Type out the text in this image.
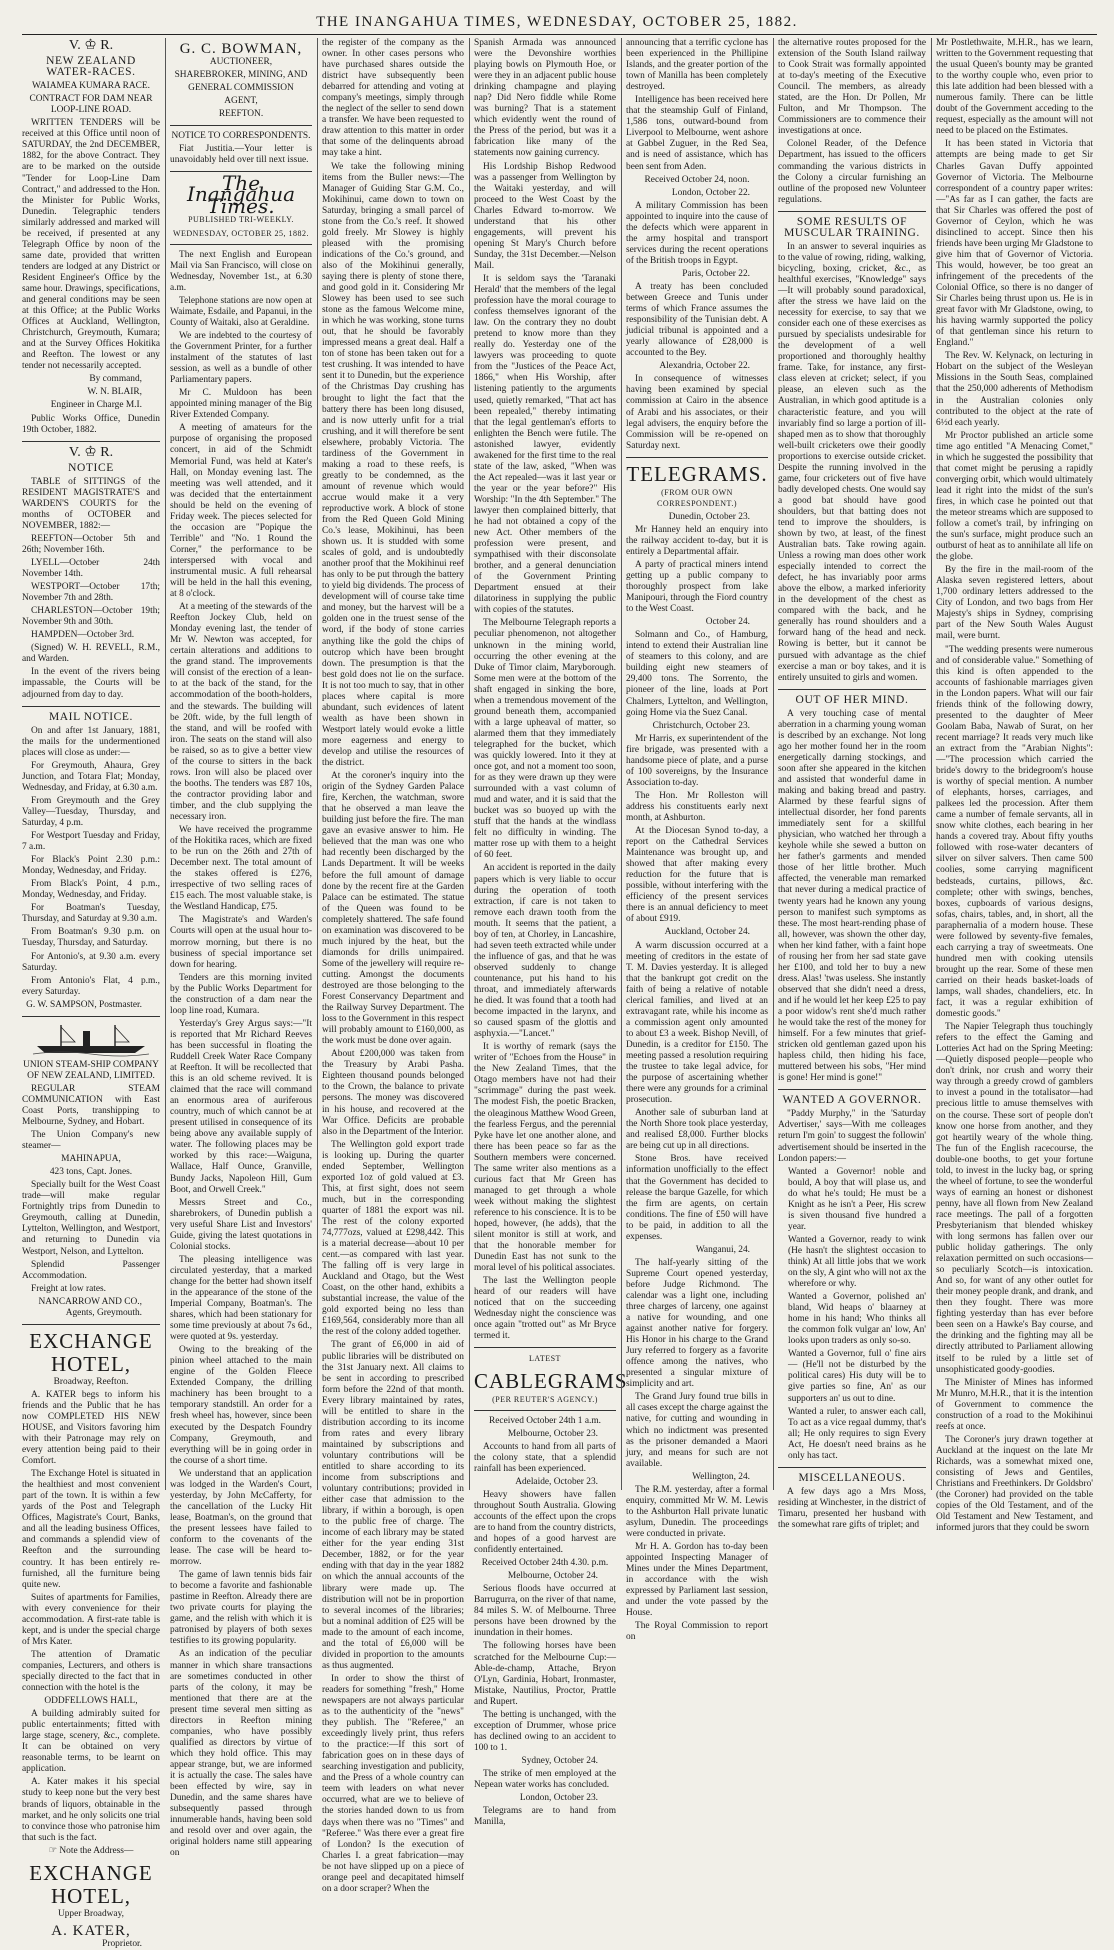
THE INANGAHUA TIMES, WEDNESDAY, OCTOBER 25, 1882.
V. ♔ R.
NEW ZEALAND WATER-RACES.

WAIAMEA KUMARA RACE.

CONTRACT FOR DAM NEAR LOOP-LINE ROAD.

WRITTEN TENDERS will be received at this Office until noon of SATURDAY, the 2nd DECEMBER, 1882, for the above Contract. They are to be marked on the outside "Tender for Loop-Line Dam Contract," and addressed to the Hon. the Minister for Public Works, Dunedin. Telegraphic tenders similarly addressed and marked will be received, if presented at any Telegraph Office by noon of the same date, provided that written tenders are lodged at any District or Resident Engineer's Office by the same hour. Drawings, specifications, and general conditions may be seen at this Office; at the Public Works Offices at Auckland, Wellington, Christchurch, Greymouth, Kumara; and at the Survey Offices Hokitika and Reefton. The lowest or any tender not necessarily accepted.

By command,

W. N. BLAIR,

Engineer in Charge M.I.

Public Works Office, Dunedin 19th October, 1882.

V. ♔ R.
NOTICE

TABLE of SITTINGS of the RESIDENT MAGISTRATE'S and WARDEN'S COURTS for the months of OCTOBER and NOVEMBER, 1882:—

REEFTON—October 5th and 26th; November 16th.

LYELL—October 24th November 14th.

WESTPORT—October 17th; November 7th and 28th.

CHARLESTON—October 19th; November 9th and 30th.

HAMPDEN—October 3rd.

(Signed) W. H. REVELL, R.M., and Warden.

In the event of the rivers being impassable, the Courts will be adjourned from day to day.

MAIL NOTICE.

On and after 1st January, 1881, the mails for the undermentioned places will close as under:—

For Greymouth, Ahaura, Grey Junction, and Totara Flat; Monday, Wednesday, and Friday, at 6.30 a.m.

From Greymouth and the Grey Valley—Tuesday, Thursday, and Saturday, 4 p.m.

For Westport Tuesday and Friday, 7 a.m.

For Black's Point 2.30 p.m.: Monday, Wednesday, and Friday.

From Black's Point, 4 p.m., Monday, Wednesday, and Friday.

For Boatman's Tuesday, Thursday, and Saturday at 9.30 a.m.

From Boatman's 9.30 p.m. on Tuesday, Thursday, and Saturday.

For Antonio's, at 9.30 a.m. every Saturday.

From Antonio's Flat, 4 p.m., every Saturday.

G. W. SAMPSON, Postmaster.

UNION STEAM-SHIP COMPANY OF NEW ZEALAND, LIMITED.

REGULAR STEAM COMMUNICATION with East Coast Ports, transhipping to Melbourne, Sydney, and Hobart.

The Union Company's new steamer—

MAHINAPUA,

423 tons, Capt. Jones.

Specially built for the West Coast trade—will make regular Fortnightly trips from Dunedin to Greymouth, calling at Dunedin, Lyttelton, Wellington, and Westport, and returning to Dunedin via Westport, Nelson, and Lyttelton.

Splendid Passenger Accommodation.

Freight at low rates.

NANCARROW AND CO., Agents, Greymouth.

EXCHANGE HOTEL,

Broadway, Reefton.

A. KATER begs to inform his friends and the Public that he has now COMPLETED HIS NEW HOUSE, and Visitors favoring him with their Patronage may rely on every attention being paid to their Comfort.

The Exchange Hotel is situated in the healthiest and most convenient part of the town. It is within a few yards of the Post and Telegraph Offices, Magistrate's Court, Banks, and all the leading business Offices, and commands a splendid view of Reefton and the surrounding country. It has been entirely re-furnished, all the furniture being quite new.

Suites of apartments for Families, with every convenience for their accommodation. A first-rate table is kept, and is under the special charge of Mrs Kater.

The attention of Dramatic companies, Lecturers, and others is specially directed to the fact that in connection with the hotel is the

ODDFELLOWS HALL,

A building admirably suited for public entertainments; fitted with large stage, scenery, &c., complete. It can be obtained on very reasonable terms, to be learnt on application.

A. Kater makes it his special study to keep none but the very best brands of liquors, obtainable in the market, and he only solicits one trial to convince those who patronise him that such is the fact.

☞ Note the Address—

EXCHANGE HOTEL,

Upper Broadway,

A. KATER,

Proprietor.

G. C. BOWMAN,

AUCTIONEER,

SHAREBROKER, MINING, AND

GENERAL COMMISSION

AGENT,

REEFTON.

NOTICE TO CORRESPONDENTS.

Fiat Justitia.—Your letter is unavoidably held over till next issue.

The Inangahua Times.
PUBLISHED TRI-WEEKLY.
WEDNESDAY, OCTOBER 25, 1882.

The next English and European Mail via San Francisco, will close on Wednesday, November 1st., at 6.30 a.m.

Telephone stations are now open at Waimate, Esdaile, and Papanui, in the County of Waitaki, also at Geraldine.

We are indebted to the courtesy of the Government Printer, for a further instalment of the statutes of last session, as well as a bundle of other Parliamentary papers.

Mr C. Muldoon has been appointed mining manager of the Big River Extended Company.

A meeting of amateurs for the purpose of organising the proposed concert, in aid of the Schmidt Memorial Fund, was held at Kater's Hall, on Monday evening last. The meeting was well attended, and it was decided that the entertainment should be held on the evening of Friday week. The pieces selected for the occasion are "Popique the Terrible" and "No. 1 Round the Corner," the performance to be interspersed with vocal and instrumental music. A full rehearsal will be held in the hall this evening, at 8 o'clock.

At a meeting of the stewards of the Reefton Jockey Club, held on Monday evening last, the tender of Mr W. Newton was accepted, for certain alterations and additions to the grand stand. The improvements will consist of the erection of a lean-to at the back of the stand, for the accommodation of the booth-holders, and the stewards. The building will be 20ft. wide, by the full length of the stand, and will be roofed with iron. The seats on the stand will also be raised, so as to give a better view of the course to sitters in the back rows. Iron will also be placed over the booths. The tenders was £87 10s, the contractor providing labor and timber, and the club supplying the necessary iron.

We have received the programme of the Hokitika races, which are fixed to be run on the 26th and 27th of December next. The total amount of the stakes offered is £276, irrespective of two selling races of £15 each. The most valuable stake, is the Westland Handicap, £75.

The Magistrate's and Warden's Courts will open at the usual hour to-morrow morning, but there is no business of special importance set down for hearing.

Tenders are this morning invited by the Public Works Department for the construction of a dam near the loop line road, Kumara.

Yesterday's Grey Argus says:—"It is reported that Mr Richard Reeves has been successful in floating the Ruddell Creek Water Race Company at Reefton. It will be recollected that this is an old scheme revived. It is claimed that the race will command an enormous area of auriferous country, much of which cannot be at present utilised in consequence of its being above any available supply of water. The following places may be worked by this race:—Waiguna, Wallace, Half Ounce, Granville, Bundy Jacks, Napoleon Hill, Gum Boot, and Orwell Creek."

Messrs Street and Co., sharebrokers, of Dunedin publish a very useful Share List and Investors' Guide, giving the latest quotations in Colonial stocks.

The pleasing intelligence was circulated yesterday, that a marked change for the better had shown itself in the appearance of the stone of the Imperial Company, Boatman's. The shares, which had been stationary for some time previously at about 7s 6d., were quoted at 9s. yesterday.

Owing to the breaking of the pinion wheel attached to the main engine of the Golden Fleece Extended Company, the drilling machinery has been brought to a temporary standstill. An order for a fresh wheel has, however, since been executed by the Despatch Foundry Company, Greymouth, and everything will be in going order in the course of a short time.

We understand that an application was lodged in the Warden's Court, yesterday, by John McCafferty, for the cancellation of the Lucky Hit lease, Boatman's, on the ground that the present lessees have failed to conform to the covenants of the lease. The case will be heard to-morrow.

The game of lawn tennis bids fair to become a favorite and fashionable pastime in Reefton. Already there are two private courts for playing the game, and the relish with which it is patronised by players of both sexes testifies to its growing popularity.

As an indication of the peculiar manner in which share transactions are sometimes conducted in other parts of the colony, it may be mentioned that there are at the present time several men sitting as directors in Reefton mining companies, who have possibly qualified as directors by virtue of which they hold office. This may appear strange, but, we are informed it is actually the case. The sales have been effected by wire, say in Dunedin, and the same shares have subsequently passed through innumerable hands, having been sold and resold over and over again, the original holders name still appearing on

the register of the company as the owner. In other cases persons who have purchased shares outside the district have subsequently been debarred for attending and voting at company's meetings, simply through the neglect of the seller to send down a transfer. We have been requested to draw attention to this matter in order that some of the delinquents abroad may take a hint.

We take the following mining items from the Buller news:—The Manager of Guiding Star G.M. Co., Mokihinui, came down to town on Saturday, bringing a small parcel of stone from the Co.'s reef. It showed gold freely. Mr Slowey is highly pleased with the promising indications of the Co.'s ground, and also of the Mokihinui generally, saying there is plenty of stone there, and good gold in it. Considering Mr Slowey has been used to see such stone as the famous Welcome mine, in which he was working, stone turns out, that he should be favorably impressed means a great deal. Half a ton of stone has been taken out for a test crushing. It was intended to have sent it to Dunedin, but the experience of the Christmas Day crushing has brought to light the fact that the battery there has been long disused, and is now utterly unfit for a trial crushing, and it will therefore be sent elsewhere, probably Victoria. The tardiness of the Government in making a road to these reefs, is greatly to be condemned, as the amount of revenue which would accrue would make it a very reproductive work. A block of stone from the Red Queen Gold Mining Co.'s lease, Mokihinui, has been shown us. It is studded with some scales of gold, and is undoubtedly another proof that the Mokihinui reef has only to be put through the battery to yield big dividends. The process of development will of course take time and money, but the harvest will be a golden one in the truest sense of the word, if the body of stone carries anything like the gold the chips of outcrop which have been brought down. The presumption is that the best gold does not lie on the surface. It is not too much to say, that in other places where capital is more abundant, such evidences of latent wealth as have been shown in Westport lately would evoke a little more eagerness and energy to develop and utilise the resources of the district.

At the coroner's inquiry into the origin of the Sydney Garden Palace fire, Kerchen, the watchman, swore that he observed a man leave the building just before the fire. The man gave an evasive answer to him. He believed that the man was one who had recently been discharged by the Lands Department. It will be weeks before the full amount of damage done by the recent fire at the Garden Palace can be estimated. The statue of the Queen was found to be completely shattered. The safe found on examination was discovered to be much injured by the heat, but the diamonds for drills unimpaired. Some of the jewellery will require re-cutting. Amongst the documents destroyed are those belonging to the Forest Conservancy Department and the Railway Survey Department. The loss to the Government in this respect will probably amount to £160,000, as the work must be done over again.

About £200,000 was taken from the Treasury by Arabi Pasha. Eighteen thousand pounds belonged to the Crown, the balance to private persons. The money was discovered in his house, and recovered at the War Office. Deficits are probable also in the Department of the Interior.

The Wellington gold export trade is looking up. During the quarter ended September, Wellington exported 1oz of gold valued at £3. This, at first sight, does not seem much, but in the corresponding quarter of 1881 the export was nil. The rest of the colony exported 74,777ozs, valued at £298,442. This is a material decrease—about 10 per cent.—as compared with last year. The falling off is very large in Auckland and Otago, but the West Coast, on the other hand, exhibits a substantial increase, the value of the gold exported being no less than £169,564, considerably more than all the rest of the colony added together.

The grant of £6,000 in aid of public libraries will be distributed on the 31st January next. All claims to be sent in according to prescribed form before the 22nd of that month. Every library maintained by rates, will be entitled to share in the distribution according to its income from rates and every library maintained by subscriptions and voluntary contributions will be entitled to share according to its income from subscriptions and voluntary contributions; provided in either case that admission to the library, if within a borough, is open to the public free of charge. The income of each library may be stated either for the year ending 31st December, 1882, or for the year ending with that day in the year 1882 on which the annual accounts of the library were made up. The distribution will not be in proportion to several incomes of the libraries; but a nominal addition of £25 will be made to the amount of each income, and the total of £6,000 will be divided in proportion to the amounts as thus augmented.

In order to show the thirst of readers for something "fresh," Home newspapers are not always particular as to the authenticity of the "news" they publish. The "Referee," an exceedingly lively print, thus refers to the practice:—If this sort of fabrication goes on in these days of searching investigation and publicity, and the Press of a whole country can teem with leaders on what never occurred, what are we to believe of the stories handed down to us from days when there was no "Times" and "Referee." Was there ever a great fire of London? Is the execution of Charles I. a great fabrication—may be not have slipped up on a piece of orange peel and decapitated himself on a door scraper? When the

Spanish Armada was announced were the Devonshire worthies playing bowls on Plymouth Hoe, or were they in an adjacent public house drinking champagne and playing nap? Did Nero fiddle while Rome was burning? That is a statement which evidently went the round of the Press of the period, but was it a fabrication like many of the statements now gaining currency.

His Lordship Bishop Redwood was a passenger from Wellington by the Waitaki yesterday, and will proceed to the West Coast by the Charles Edward to-morrow. We understand that his other engagements, will prevent his opening St Mary's Church before Sunday, the 31st December.—Nelson Mail.

It is seldom says the 'Taranaki Herald' that the members of the legal profession have the moral courage to confess themselves ignorant of the law. On the contrary they no doubt pretend to know more than they really do. Yesterday one of the lawyers was proceeding to quote from the "Justices of the Peace Act, 1866," when His Worship, after listening patiently to the arguments used, quietly remarked, "That act has been repealed," thereby intimating that the legal gentleman's efforts to enlighten the Bench were futile. The astonished lawyer, evidently awakened for the first time to the real state of the law, asked, "When was the Act repealed—was it last year or the year or the year before?" His Worship: "In the 4th September." The lawyer then complained bitterly, that he had not obtained a copy of the new Act. Other members of the profession were present, and sympathised with their disconsolate brother, and a general denunciation of the Government Printing Department ensued at their dilatoriness in supplying the public with copies of the statutes.

The Melbourne Telegraph reports a peculiar phenomenon, not altogether unknown in the mining world, occurring the other evening at the Duke of Timor claim, Maryborough. Some men were at the bottom of the shaft engaged in sinking the bore, when a tremendous movement of the ground beneath them, accompanied with a large upheaval of matter, so alarmed them that they immediately telegraphed for the bucket, which was quickly lowered. Into it they at once got, and not a moment too soon, for as they were drawn up they were surrounded with a vast column of mud and water, and it is said that the bucket was so buoyed up with the stuff that the hands at the windlass felt no difficulty in winding. The matter rose up with them to a height of 60 feet.

An accident is reported in the daily papers which is very liable to occur during the operation of tooth extraction, if care is not taken to remove each drawn tooth from the mouth. It seems that the patient, a boy of ten, at Chorley, in Lancashire, had seven teeth extracted while under the influence of gas, and that he was observed suddenly to change countenance, put his hand to his throat, and immediately afterwards he died. It was found that a tooth had become impacted in the larynx, and so caused spasm of the glottis and asphyxia.—"Lancet."

It is worthy of remark (says the writer of "Echoes from the House" in the New Zealand Times, that the Otago members have not had their "scrimmage" during the past week. The modest Fish, the poetic Bracken, the oleaginous Matthew Wood Green, the fearless Fergus, and the perennial Pyke have let one another alone, and there has been peace so far as the Southern members were concerned. The same writer also mentions as a curious fact that Mr Green has managed to get through a whole week without making the slightest reference to his conscience. It is to be hoped, however, (he adds), that the silent monitor is still at work, and that the honorable member for Dunedin East has not sunk to the moral level of his political associates.

The last the Wellington people heard of our readers will have noticed that on the succeeding Wednesday night the conscience was once again "trotted out" as Mr Bryce termed it.

LATEST
CABLEGRAMS
(PER REUTER'S AGENCY.)

Received October 24th 1 a.m.

Melbourne, October 23.

Accounts to hand from all parts of the colony state, that a splendid rainfall has been experienced.

Adelaide, October 23.

Heavy showers have fallen throughout South Australia. Glowing accounts of the effect upon the crops are to hand from the country districts, and hopes of a good harvest are confidently entertained.

Received October 24th 4.30. p.m.

Melbourne, October 24.

Serious floods have occurred at Barrugurra, on the river of that name, 84 miles S. W. of Melbourne. Three persons have been drowned by the inundation in their homes.

The following horses have been scratched for the Melbourne Cup:—Able-de-champ, Attache, Bryon O'Lyn, Gardinia, Hobart, Ironmaster, Mistake, Nautilius, Proctor, Prattle and Rupert.

The betting is unchanged, with the exception of Drummer, whose price has declined owing to an accident to 100 to 1.

Sydney, October 24.

The strike of men employed at the Nepean water works has concluded.

London, October 23.

Telegrams are to hand from Manilla,

announcing that a terrific cyclone has been experienced in the Phillipine Islands, and the greater portion of the town of Manilla has been completely destroyed.

Intelligence has been received here that the steamship Gulf of Finland, 1,586 tons, outward-bound from Liverpool to Melbourne, went ashore at Gabbel Zuguer, in the Red Sea, and is need of assistance, which has been sent from Aden.

Received October 24, noon.

London, October 22.

A military Commission has been appointed to inquire into the cause of the defects which were apparent in the army hospital and transport services during the recent operations of the British troops in Egypt.

Paris, October 22.

A treaty has been concluded between Greece and Tunis under terms of which France assumes the responsibility of the Tunisian debt. A judicial tribunal is appointed and a yearly allowance of £28,000 is accounted to the Bey.

Alexandria, October 22.

In consequence of witnesses having been examined by special commission at Cairo in the absence of Arabi and his associates, or their legal advisers, the enquiry before the Commission will be re-opened on Saturday next.

TELEGRAMS.
(FROM OUR OWN CORRESPONDENT.)

Dunedin, October 23.

Mr Hanney held an enquiry into the railway accident to-day, but it is entirely a Departmental affair.

A party of practical miners intend getting up a public company to thoroughly prospect from lake Manipouri, through the Fiord country to the West Coast.

October 24.

Solmann and Co., of Hamburg, intend to extend their Australian line of steamers to this colony, and are building eight new steamers of 29,400 tons. The Sorrento, the pioneer of the line, loads at Port Chalmers, Lyttelton, and Wellington, going Home via the Suez Canal.

Christchurch, October 23.

Mr Harris, ex superintendent of the fire brigade, was presented with a handsome piece of plate, and a purse of 100 sovereigns, by the Insurance Association to-day.

The Hon. Mr Rolleston will address his constituents early next month, at Ashburton.

At the Diocesan Synod to-day, a report on the Cathedral Services Maintenance was brought up, and showed that after making every reduction for the future that is possible, without interfering with the efficiency of the present services there is an annual deficiency to meet of about £919.

Auckland, October 24.

A warm discussion occurred at a meeting of creditors in the estate of T. M. Davies yesterday. It is alleged that the bankrupt got credit on the faith of being a relative of notable clerical families, and lived at an extravagant rate, while his income as a commission agent only amounted to about £3 a week. Bishop Nevill, of Dunedin, is a creditor for £150. The meeting passed a resolution requiring the trustee to take legal advice, for the purpose of ascertaining whether there were any grounds for a criminal prosecution.

Another sale of suburban land at the North Shore took place yesterday, and realised £8,000. Further blocks are being cut up in all directions.

Stone Bros. have received information unofficially to the effect that the Government has decided to release the barque Gazelle, for which the firm are agents, on certain conditions. The fine of £50 will have to be paid, in addition to all the expenses.

Wanganui, 24.

The half-yearly sitting of the Supreme Court opened yesterday, before Judge Richmond. The calendar was a light one, including three charges of larceny, one against a native for wounding, and one against another native for forgery. His Honor in his charge to the Grand Jury referred to forgery as a favorite offence among the natives, who presented a singular mixture of simplicity and art.

The Grand Jury found true bills in all cases except the charge against the native, for cutting and wounding in which no indictment was presented as the prisoner demanded a Maori jury, and means for such are not available.

Wellington, 24.

The R.M. yesterday, after a formal enquiry, committed Mr W. M. Lewis to the Ashburton Hall private lunatic asylum, Dunedin. The proceedings were conducted in private.

Mr H. A. Gordon has to-day been appointed Inspecting Manager of Mines under the Mines Department, in accordance with the wish expressed by Parliament last session, and under the vote passed by the House.

The Royal Commission to report on

the alternative routes proposed for the extension of the South Island railway to Cook Strait was formally appointed at to-day's meeting of the Executive Council. The members, as already stated, are the Hon. Dr Pollen, Mr Fulton, and Mr Thompson. The Commissioners are to commence their investigations at once.

Colonel Reader, of the Defence Department, has issued to the officers commanding the various districts in the Colony a circular furnishing an outline of the proposed new Volunteer regulations.

SOME RESULTS OF MUSCULAR TRAINING.

In an answer to several inquiries as to the value of rowing, riding, walking, bicycling, boxing, cricket, &c., as healthful exercises, "Knowledge" says—It will probably sound paradoxical, after the stress we have laid on the necessity for exercise, to say that we consider each one of these exercises as pursued by specialists undesirable for the development of a well proportioned and thoroughly healthy frame. Take, for instance, any first-class eleven at cricket; select, if you please, an eleven such as the Australian, in which good aptitude is a characteristic feature, and you will invariably find so large a portion of ill-shaped men as to show that thoroughly well-built cricketers owe their goodly proportions to exercise outside cricket. Despite the running involved in the game, four cricketers out of five have badly developed chests. One would say a good bat should have good shoulders, but that batting does not tend to improve the shoulders, is shown by two, at least, of the finest Australian bats. Take rowing again. Unless a rowing man does other work especially intended to correct the defect, he has invariably poor arms above the elbow, a marked inferiority in the development of the chest as compared with the back, and he generally has round shoulders and a forward hang of the head and neck. Rowing is better, but it cannot be pursued with advantage as the chief exercise a man or boy takes, and it is entirely unsuited to girls and women.

OUT OF HER MIND.

A very touching case of mental aberration in a charming young woman is described by an exchange. Not long ago her mother found her in the room energetically darning stockings, and soon after she appeared in the kitchen and assisted that wonderful dame in making and baking bread and pastry. Alarmed by these fearful signs of intellectual disorder, her fond parents immediately sent for a skillful physician, who watched her through a keyhole while she sewed a button on her father's garments and mended those of her little brother. Much affected, the venerable man remarked that never during a medical practice of twenty years had he known any young person to manifest such symptoms as these. The most heart-rending phase of all, however, was shown the other day, when her kind father, with a faint hope of rousing her from her sad state gave her £100, and told her to buy a new dress. Alas! 'twas useless. She instantly observed that she didn't need a dress, and if he would let her keep £25 to pay a poor widow's rent she'd much rather he would take the rest of the money for himself. For a few minutes that grief-stricken old gentleman gazed upon his hapless child, then hiding his face, muttered between his sobs, "Her mind is gone! Her mind is gone!"

WANTED A GOVERNOR.

"Paddy Murphy," in the 'Saturday Advertiser,' says—With me colleages return I'm goin' to suggest the followin' advertisement should be inserted in the London papers:—

Wanted a Governor! noble and bould, A boy that will plase us, and do what he's tould; He must be a Knight as he isn't a Peer, His screw is siven thousand five hundred a year.

Wanted a Governor, ready to wink (He hasn't the slightest occasion to think) At all little jobs that we work on the sly, A gint who will not ax the wherefore or why.

Wanted a Governor, polished an' bland, Wid heaps o' blaarney at home in his hand; Who thinks all the common folk vulgar an' low, An' looks upon traders as only so-so.

Wanted a Governor, full o' fine airs— (He'll not be disturbed by the political cares) His duty will be to give parties so fine, An' as our supporters an' us out to dine.

Wanted a ruler, to answer each call, To act as a vice regaal dummy, that's all; He only requires to sign Every Act, He doesn't need brains as he only has tact.

MISCELLANEOUS.

A few days ago a Mrs Moss, residing at Winchester, in the district of Timaru, presented her husband with the somewhat rare gifts of triplet; and

Mr Postlethwaite, M.H.R., has we learn, written to the Government requesting that the usual Queen's bounty may be granted to the worthy couple who, even prior to this late addition had been blessed with a numerous family. There can be little doubt of the Government acceding to the request, especially as the amount will not need to be placed on the Estimates.

It has been stated in Victoria that attempts are being made to get Sir Charles Gavan Duffy appointed Governor of Victoria. The Melbourne correspondent of a country paper writes:—"As far as I can gather, the facts are that Sir Charles was offered the post of Governor of Ceylon, which he was disinclined to accept. Since then his friends have been urging Mr Gladstone to give him that of Governor of Victoria. This would, however, be too great an infringement of the precedents of the Colonial Office, so there is no danger of Sir Charles being thrust upon us. He is in great favor with Mr Gladstone, owing, to his having warmly supported the policy of that gentleman since his return to England."

The Rev. W. Kelynack, on lecturing in Hobart on the subject of the Wesleyan Missions in the South Seas, complained that the 250,000 adherents of Methodism in the Australian colonies only contributed to the object at the rate of 6½d each yearly.

Mr Proctor published an article some time ago entitled "A Menacing Comet," in which he suggested the possibility that that comet might be perusing a rapidly converging orbit, which would ultimately lead it right into the midst of the sun's fires, in which case he pointed out that the meteor streams which are supposed to follow a comet's trail, by infringing on the sun's surface, might produce such an outburst of heat as to annihilate all life on the globe.

By the fire in the mail-room of the Alaska seven registered letters, about 1,700 ordinary letters addressed to the City of London, and two bags from Her Majesty's ships in Sydney, comprising part of the New South Wales August mail, were burnt.

"The wedding presents were numerous and of considerable value." Something of this kind is often appended to the accounts of fashionable marriages given in the London papers. What will our fair friends think of the following dowry, presented to the daughter of Meer Goolam Baba, Nawab of Surat, on her recent marriage? It reads very much like an extract from the "Arabian Nights":—"The procession which carried the bride's dowry to the bridegroom's house is worthy of special mention. A number of elephants, horses, carriages, and palkees led the procession. After them came a number of female servants, all in snow white clothes, each bearing in her hands a covered tray. About fifty youths followed with rose-water decanters of silver on silver salvers. Then came 500 coolies, some carrying magnificent bedsteads, curtains, pillows, &c. complete; other with swings, benches, boxes, cupboards of various designs, sofas, chairs, tables, and, in short, all the paraphernalia of a modern house. These were followed by seventy-five females, each carrying a tray of sweetmeats. One hundred men with cooking utensils brought up the rear. Some of these men carried on their heads basket-loads of lamps, wall shades, chandeliers, etc. In fact, it was a regular exhibition of domestic goods."

The Napier Telegraph thus touchingly refers to the effect the Gaming and Lotteries Act had on the Spring Meeting:—Quietly disposed people—people who don't drink, nor crush and worry their way through a greedy crowd of gamblers to invest a pound in the totalisator—had precious little to amuse themselves with on the course. These sort of people don't know one horse from another, and they got heartily weary of the whole thing. The fun of the English racecourse, the double-one booths, to get your fortune told, to invest in the lucky bag, or spring the wheel of fortune, to see the wonderful ways of earning an honest or dishonest penny, have all flown from New Zealand race meetings. The pall of a forgotten Presbyterianism that blended whiskey with long sermons has fallen over our public holiday gatherings. The only relaxation permitted on such occasions—so peculiarly Scotch—is intoxication. And so, for want of any other outlet for their money people drank, and drank, and then they fought. There was more fighting yesterday than has ever before been seen on a Hawke's Bay course, and the drinking and the fighting may all be directly attributed to Parliament allowing itself to be ruled by a little set of unsophisticated goody-goodies.

The Minister of Mines has informed Mr Munro, M.H.R., that it is the intention of Government to commence the construction of a road to the Mokihinui reefs at once.

The Coroner's jury drawn together at Auckland at the inquest on the late Mr Richards, was a somewhat mixed one, consisting of Jews and Gentiles, Christians and Freethinkers. Dr Goldsbro' (the Coroner) had provided on the table copies of the Old Testament, and of the Old Testament and New Testament, and informed jurors that they could be sworn
